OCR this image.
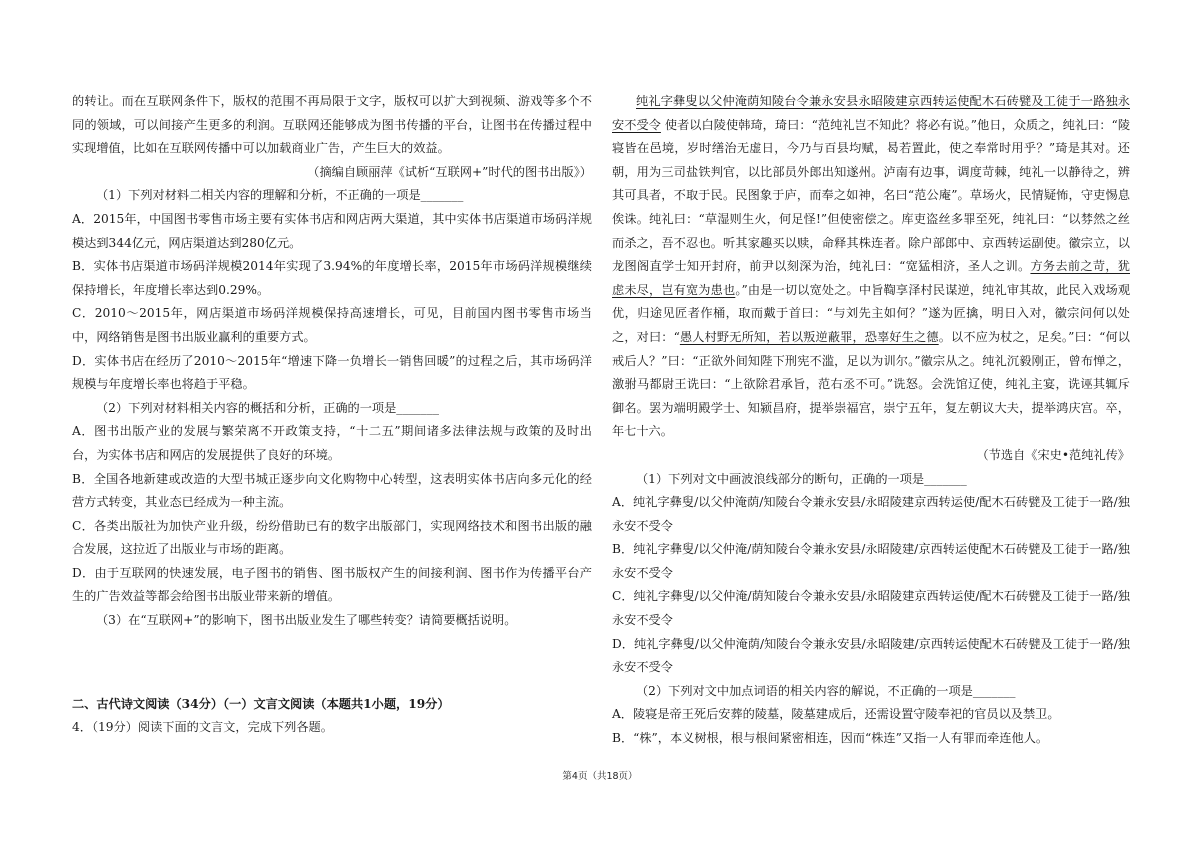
的转让。而在互联网条件下，版权的范围不再局限于文字，版权可以扩大到视频、游戏等多个不同的领域，可以间接产生更多的利润。互联网还能够成为图书传播的平台，让图书在传播过程中实现增值，比如在互联网传播中可以加载商业广告，产生巨大的效益。

（摘编自顾丽萍《试析“互联网+”时代的图书出版》）

（1）下列对材料二相关内容的理解和分析，不正确的一项是_______

A．2015年，中国图书零售市场主要有实体书店和网店两大渠道，其中实体书店渠道市场码洋规模达到344亿元，网店渠道达到280亿元。

B．实体书店渠道市场码洋规模2014年实现了3.94%的年度增长率，2015年市场码洋规模继续保持增长，年度增长率达到0.29%。

C．2010～2015年，网店渠道市场码洋规模保持高速增长，可见，目前国内图书零售市场当中，网络销售是图书出版业赢利的重要方式。

D．实体书店在经历了2010～2015年“增速下降一负增长一销售回暖”的过程之后，其市场码洋规模与年度增长率也将趋于平稳。

（2）下列对材料相关内容的概括和分析，正确的一项是_______

A．图书出版产业的发展与繁荣离不开政策支持，“十二五”期间诸多法律法规与政策的及时出台，为实体书店和网店的发展提供了良好的环境。

B．全国各地新建或改造的大型书城正逐步向文化购物中心转型，这表明实体书店向多元化的经营方式转变，其业态已经成为一种主流。

C．各类出版社为加快产业升级，纷纷借助已有的数字出版部门，实现网络技术和图书出版的融合发展，这拉近了出版业与市场的距离。

D．由于互联网的快速发展，电子图书的销售、图书版权产生的间接利润、图书作为传播平台产生的广告效益等都会给图书出版业带来新的增值。

（3）在“互联网+”的影响下，图书出版业发生了哪些转变？请简要概括说明。

二、古代诗文阅读（34分）（一）文言文阅读（本题共1小题，19分）

4．（19分）阅读下面的文言文，完成下列各题。

纯礼字彝叟以父仲淹荫知陵台令兼永安县永昭陵建京西转运使配木石砖甓及工徒于一路独永安不受令 使者以白陵使韩琦，琦曰：“范纯礼岂不知此？将必有说。”他日，众质之，纯礼曰：“陵寝皆在邑境，岁时缮治无虚日，今乃与百县均赋，曷若置此，使之奉常时用乎？”琦是其对。还朝，用为三司盐铁判官，以比部员外郎出知遂州。泸南有边事，调度苛棘，纯礼一以静待之，辨其可具者，不取于民。民图象于庐，而奉之如神，名曰“范公庵”。草场火，民情疑怖，守吏惕息俟诛。纯礼曰：“草湿则生火，何足怪!”但使密偿之。库吏盗丝多罪至死，纯礼曰：“以棼然之丝而杀之，吾不忍也。听其家趣买以赎，命释其株连者。除户部郎中、京西转运副使。徽宗立，以龙图阁直学士知开封府，前尹以刻深为治，纯礼曰：“宽猛相济，圣人之训。方务去前之苛，犹虑未尽，岂有宽为患也。”由是一切以宽处之。中旨鞫享泽村民谋逆，纯礼审其故，此民入戏场观优，归途见匠者作桶，取而戴于首曰：“与刘先主如何？”遂为匠擒，明日入对，徽宗问何以处之，对曰：“愚人村野无所知，若以叛逆蔽罪，恐辜好生之德。以不应为杖之，足矣。”曰：“何以戒后人？”曰：“正欲外间知陛下刑宪不滥，足以为训尔。”徽宗从之。纯礼沉毅刚正，曾布惮之，激驸马都尉王诜曰：“上欲除君承旨，范右丞不可。”诜怒。会洗馆辽使，纯礼主宴，诜诬其辄斥御名。罢为端明殿学士、知颍昌府，提举崇福宫，崇宁五年，复左朝议大夫，提举鸿庆宫。卒，年七十六。

（节选自《宋史•范纯礼传》

（1）下列对文中画波浪线部分的断句，正确的一项是_______

A．纯礼字彝叟/以父仲淹荫/知陵台令兼永安县/永昭陵建京西转运使/配木石砖甓及工徒于一路/独永安不受令

B．纯礼字彝叟/以父仲淹/荫知陵台令兼永安县/永昭陵建/京西转运使配木石砖甓及工徒于一路/独永安不受令

C．纯礼字彝叟/以父仲淹/荫知陵台令兼永安县/永昭陵建京西转运使/配木石砖甓及工徒于一路/独永安不受令

D．纯礼字彝叟/以父仲淹荫/知陵台令兼永安县/永昭陵建/京西转运使配木石砖甓及工徒于一路/独永安不受令

（2）下列对文中加点词语的相关内容的解说，不正确的一项是_______

A．陵寝是帝王死后安葬的陵墓，陵墓建成后，还需设置守陵奉祀的官员以及禁卫。

B．“株”，本义树根，根与根间紧密相连，因而“株连”又指一人有罪而牵连他人。

第4页（共18页）
